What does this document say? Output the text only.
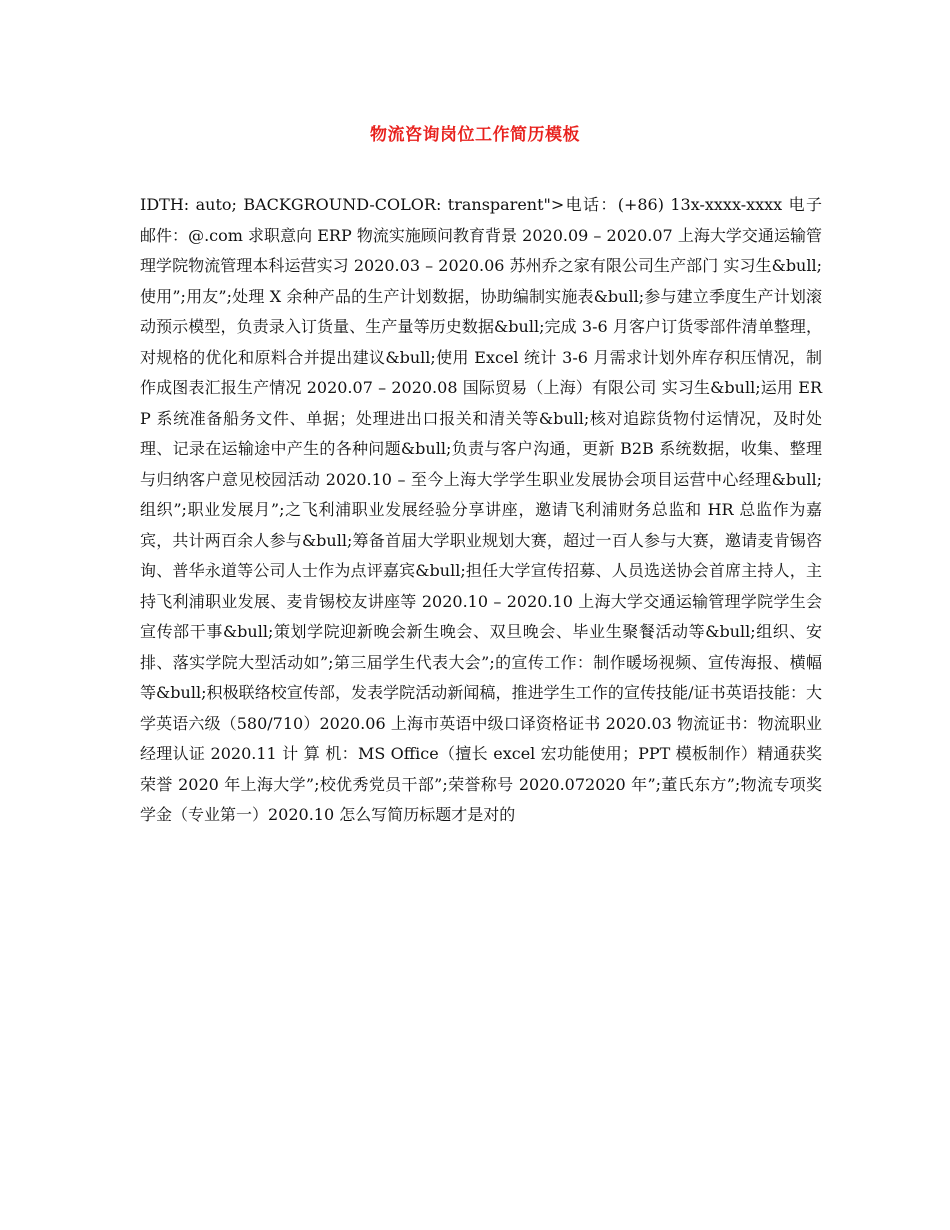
物流咨询岗位工作简历模板

IDTH: auto; BACKGROUND-COLOR: transparent">电话：(+86) 13x-xxxx-xxxx 电子邮件：@.com 求职意向 ERP 物流实施顾问教育背景 2020.09 – 2020.07 上海大学交通运输管理学院物流管理本科运营实习 2020.03 – 2020.06 苏州乔之家有限公司生产部门 实习生&bull;使用”;用友”;处理 X 余种产品的生产计划数据，协助编制实施表&bull;参与建立季度生产计划滚动预示模型，负责录入订货量、生产量等历史数据&bull;完成 3-6 月客户订货零部件清单整理，对规格的优化和原料合并提出建议&bull;使用 Excel 统计 3-6 月需求计划外库存积压情况，制作成图表汇报生产情况 2020.07 – 2020.08 国际贸易（上海）有限公司 实习生&bull;运用 ERP 系统准备船务文件、单据；处理进出口报关和清关等&bull;核对追踪货物付运情况，及时处理、记录在运输途中产生的各种问题&bull;负责与客户沟通，更新 B2B 系统数据，收集、整理与归纳客户意见校园活动 2020.10 – 至今上海大学学生职业发展协会项目运营中心经理&bull;组织”;职业发展月”;之飞利浦职业发展经验分享讲座，邀请飞利浦财务总监和 HR 总监作为嘉宾，共计两百余人参与&bull;筹备首届大学职业规划大赛，超过一百人参与大赛，邀请麦肯锡咨询、普华永道等公司人士作为点评嘉宾&bull;担任大学宣传招募、人员选送协会首席主持人，主持飞利浦职业发展、麦肯锡校友讲座等 2020.10 – 2020.10 上海大学交通运输管理学院学生会宣传部干事&bull;策划学院迎新晚会新生晚会、双旦晚会、毕业生聚餐活动等&bull;组织、安排、落实学院大型活动如”;第三届学生代表大会”;的宣传工作：制作暖场视频、宣传海报、横幅等&bull;积极联络校宣传部，发表学院活动新闻稿，推进学生工作的宣传技能/证书英语技能：大学英语六级（580/710）2020.06 上海市英语中级口译资格证书 2020.03 物流证书：物流职业经理认证 2020.11 计 算 机：MS Office（擅长 excel 宏功能使用；PPT 模板制作）精通获奖荣誉 2020 年上海大学”;校优秀党员干部”;荣誉称号 2020.072020 年”;董氏东方”;物流专项奖学金（专业第一）2020.10 怎么写简历标题才是对的
